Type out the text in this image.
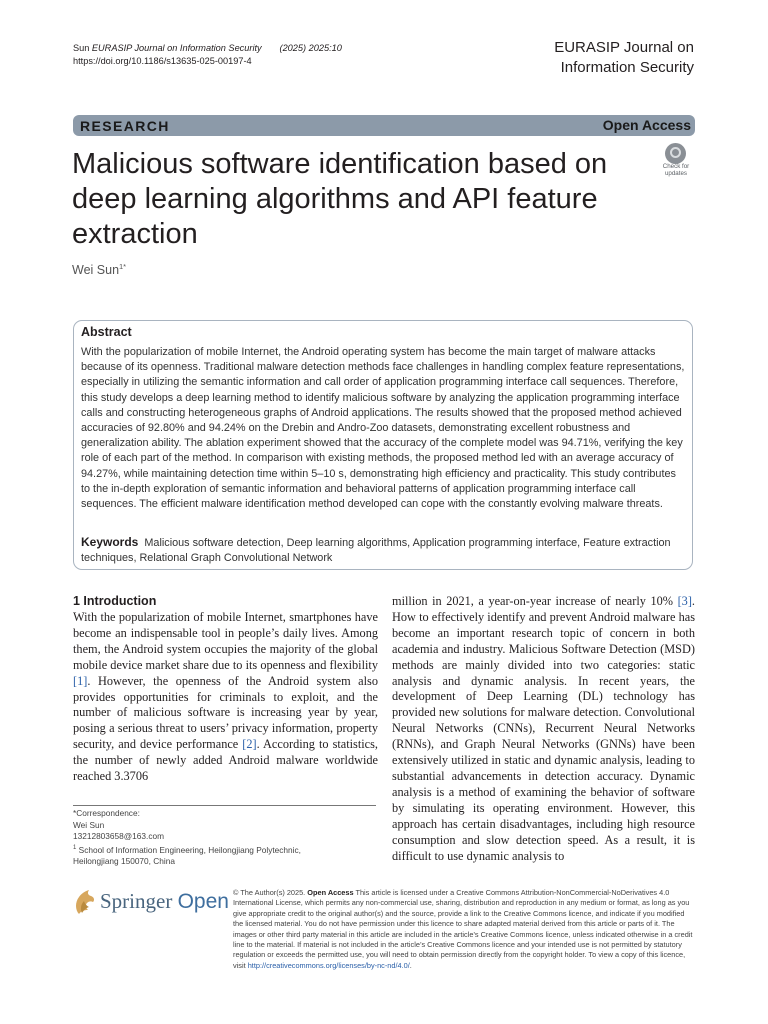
Sun EURASIP Journal on Information Security (2025) 2025:10
https://doi.org/10.1186/s13635-025-00197-4
EURASIP Journal on
Information Security
RESEARCH	Open Access
Malicious software identification based on deep learning algorithms and API feature extraction
Check for
updates
Wei Sun$^{1*}$
Abstract
With the popularization of mobile Internet, the Android operating system has become the main target of malware attacks because of its openness. Traditional malware detection methods face challenges in handling complex feature representations, especially in utilizing the semantic information and call order of application programming interface call sequences. Therefore, this study develops a deep learning method to identify malicious software by analyzing the application programming interface calls and constructing heterogeneous graphs of Android applications. The results showed that the proposed method achieved accuracies of 92.80% and 94.24% on the Drebin and Andro-Zoo datasets, demonstrating excellent robustness and generalization ability. The ablation experiment showed that the accuracy of the complete model was 94.71%, verifying the key role of each part of the method. In comparison with existing methods, the proposed method led with an average accuracy of 94.27%, while maintaining detection time within 5–10 s, demonstrating high efficiency and practicality. This study contributes to the in-depth exploration of semantic information and behavioral patterns of application programming interface call sequences. The efficient malware identification method developed can cope with the constantly evolving malware threats.
Keywords Malicious software detection, Deep learning algorithms, Application programming interface, Feature extraction techniques, Relational Graph Convolutional Network
1 Introduction
With the popularization of mobile Internet, smartphones have become an indispensable tool in people’s daily lives. Among them, the Android system occupies the majority of the global mobile device market share due to its openness and flexibility [1]. However, the openness of the Android system also provides opportunities for criminals to exploit, and the number of malicious software is increasing year by year, posing a serious threat to users’ privacy information, property security, and device performance [2]. According to statistics, the number of newly added Android malware worldwide reached 3.3706
million in 2021, a year-on-year increase of nearly 10% [3]. How to effectively identify and prevent Android malware has become an important research topic of concern in both academia and industry. Malicious Software Detection (MSD) methods are mainly divided into two categories: static analysis and dynamic analysis. In recent years, the development of Deep Learning (DL) technology has provided new solutions for malware detection. Convolutional Neural Networks (CNNs), Recurrent Neural Networks (RNNs), and Graph Neural Networks (GNNs) have been extensively utilized in static and dynamic analysis, leading to substantial advancements in detection accuracy. Dynamic analysis is a method of examining the behavior of software by simulating its operating environment. However, this approach has certain disadvantages, including high resource consumption and slow detection speed. As a result, it is difficult to use dynamic analysis to
*Correspondence:
Wei Sun
13212803658@163.com
$^1$ School of Information Engineering, Heilongjiang Polytechnic,
Heilongjiang 150070, China
Springer Open © The Author(s) 2025. Open Access This article is licensed under a Creative Commons Attribution-NonCommercial-NoDerivatives 4.0 International License, which permits any non-commercial use, sharing, distribution and reproduction in any medium or format, as long as you give appropriate credit to the original author(s) and the source, provide a link to the Creative Commons licence, and indicate if you modified the licensed material. You do not have permission under this licence to share adapted material derived from this article or parts of it. The images or other third party material in this article are included in the article’s Creative Commons licence, unless indicated otherwise in a credit line to the material. If material is not included in the article’s Creative Commons licence and your intended use is not permitted by statutory regulation or exceeds the permitted use, you will need to obtain permission directly from the copyright holder. To view a copy of this licence, visit http://creativecommons.org/licenses/by-nc-nd/4.0/.
